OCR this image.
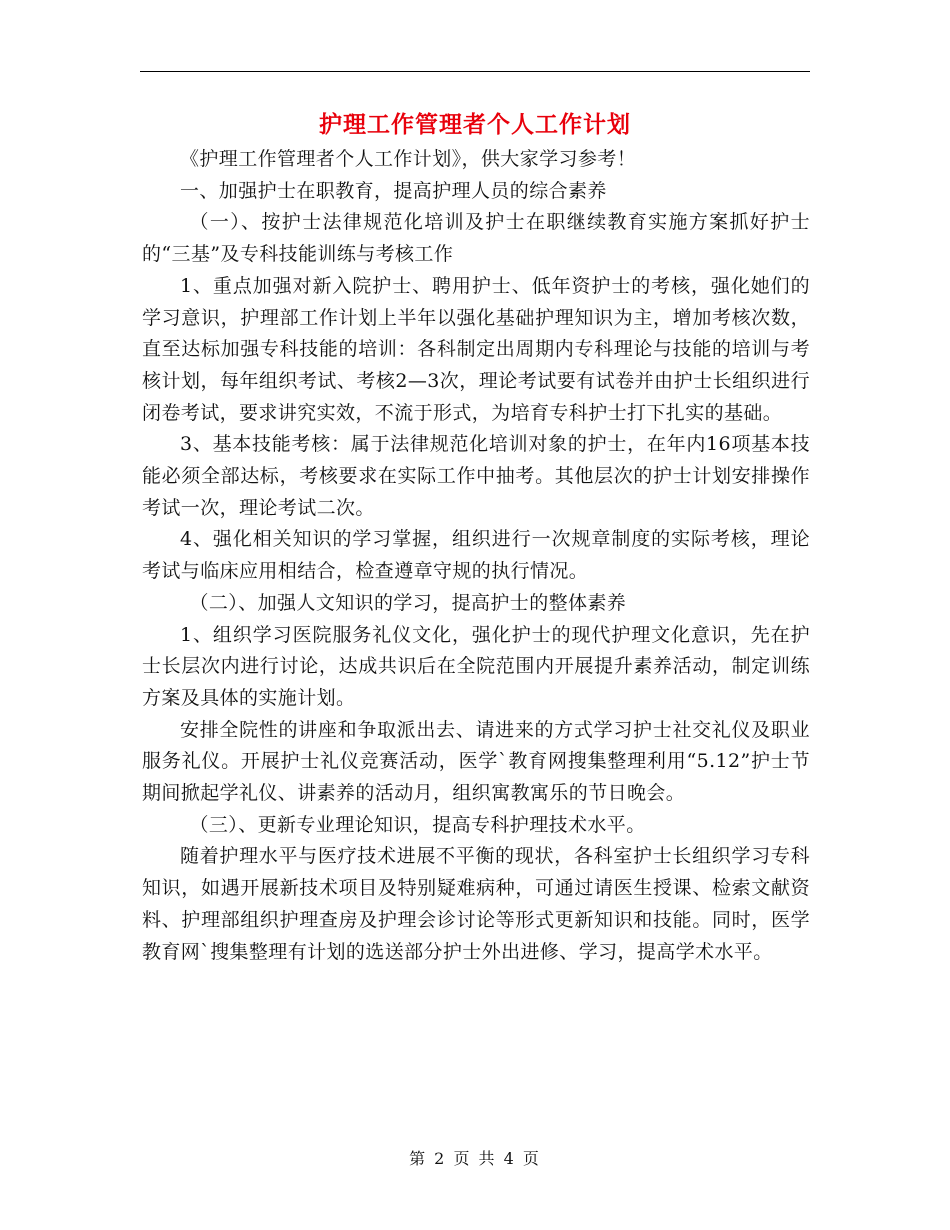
护理工作管理者个人工作计划

《护理工作管理者个人工作计划》，供大家学习参考！

一、加强护士在职教育，提高护理人员的综合素养

（一）、按护士法律规范化培训及护士在职继续教育实施方案抓好护士的“三基”及专科技能训练与考核工作

1、重点加强对新入院护士、聘用护士、低年资护士的考核，强化她们的学习意识，护理部工作计划上半年以强化基础护理知识为主，增加考核次数，直至达标加强专科技能的培训：各科制定出周期内专科理论与技能的培训与考核计划，每年组织考试、考核2—3次，理论考试要有试卷并由护士长组织进行闭卷考试，要求讲究实效，不流于形式，为培育专科护士打下扎实的基础。

3、基本技能考核：属于法律规范化培训对象的护士，在年内16项基本技能必须全部达标，考核要求在实际工作中抽考。其他层次的护士计划安排操作考试一次，理论考试二次。

4、强化相关知识的学习掌握，组织进行一次规章制度的实际考核，理论考试与临床应用相结合，检查遵章守规的执行情况。

（二）、加强人文知识的学习，提高护士的整体素养

1、组织学习医院服务礼仪文化，强化护士的现代护理文化意识，先在护士长层次内进行讨论，达成共识后在全院范围内开展提升素养活动，制定训练方案及具体的实施计划。

安排全院性的讲座和争取派出去、请进来的方式学习护士社交礼仪及职业服务礼仪。开展护士礼仪竞赛活动，医学`教育网搜集整理利用“5.12”护士节期间掀起学礼仪、讲素养的活动月，组织寓教寓乐的节日晚会。

（三）、更新专业理论知识，提高专科护理技术水平。

随着护理水平与医疗技术进展不平衡的现状，各科室护士长组织学习专科知识，如遇开展新技术项目及特别疑难病种，可通过请医生授课、检索文献资料、护理部组织护理查房及护理会诊讨论等形式更新知识和技能。同时，医学教育网`搜集整理有计划的选送部分护士外出进修、学习，提高学术水平。

第 2 页 共 4 页
